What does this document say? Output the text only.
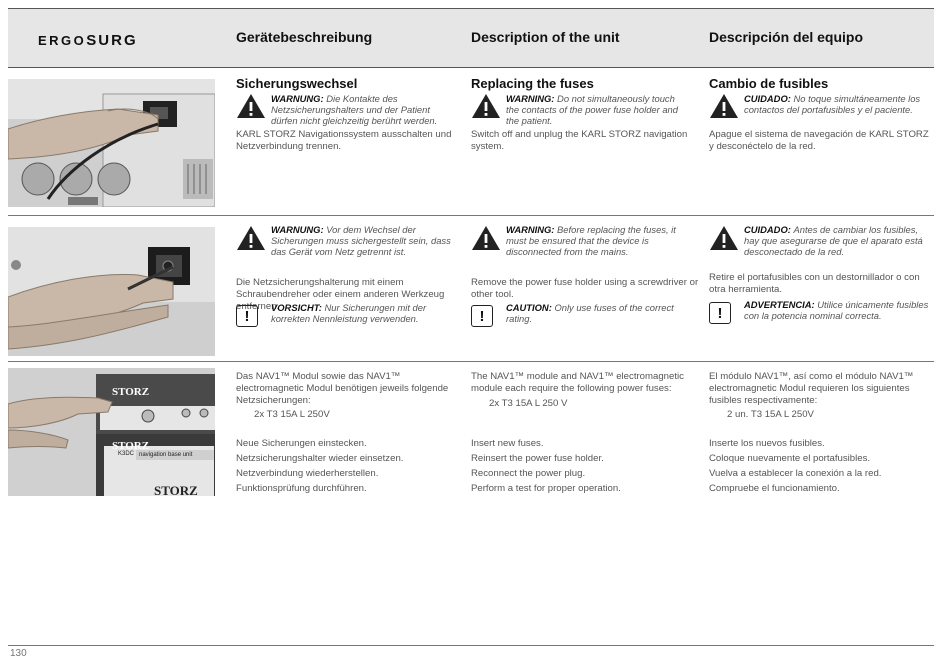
ERGOSURG	Gerätebeschreibung	Description of the unit	Descripción del equipo
Sicherungswechsel
WARNUNG: Die Kontakte des Netzsicherungshalters und der Patient dürfen nicht gleichzeitig berührt werden.
KARL STORZ Navigationssystem ausschalten und Netzverbindung trennen.
Replacing the fuses
WARNING: Do not simultaneously touch the contacts of the power fuse holder and the patient.
Switch off and unplug the KARL STORZ navigation system.
Cambio de fusibles
CUIDADO: No toque simultáneamente los contactos del portafusibles y el paciente.
Apague el sistema de navegación de KARL STORZ y desconéctelo de la red.
WARNUNG: Vor dem Wechsel der Sicherungen muss sichergestellt sein, dass das Gerät vom Netz getrennt ist.
Die Netzsicherungshalterung mit einem Schraubendreher oder einem anderen Werkzeug entfernen.
!	VORSICHT: Nur Sicherungen mit der korrekten Nennleistung verwenden.
WARNING: Before replacing the fuses, it must be ensured that the device is disconnected from the mains.
Remove the power fuse holder using a screwdriver or other tool.
!	CAUTION: Only use fuses of the correct rating.
CUIDADO: Antes de cambiar los fusibles, hay que asegurarse de que el aparato está desconectado de la red.
Retire el portafusibles con un destornillador o con otra herramienta.
!	ADVERTENCIA: Utilice únicamente fusibles con la potencia nominal correcta.
STORZ
STORZ
K3DC navigation base unit
STORZ
Das NAV1™ Modul sowie das NAV1™ electromagnetic Modul benötigen jeweils folgende Netzsicherungen:
2x T3 15A L 250V
Neue Sicherungen einstecken.
Netzsicherungshalter wieder einsetzen.
Netzverbindung wiederherstellen.
Funktionsprüfung durchführen.
The NAV1™ module and NAV1™ electromagnetic module each require the following power fuses:
2x T3 15A L 250 V
Insert new fuses.
Reinsert the power fuse holder.
Reconnect the power plug.
Perform a test for proper operation.
El módulo NAV1™, así como el módulo NAV1™ electromagnetic Modul requieren los siguientes fusibles respectivamente:
2 un. T3 15A L 250V
Inserte los nuevos fusibles.
Coloque nuevamente el portafusibles.
Vuelva a establecer la conexión a la red.
Compruebe el funcionamiento.
130
